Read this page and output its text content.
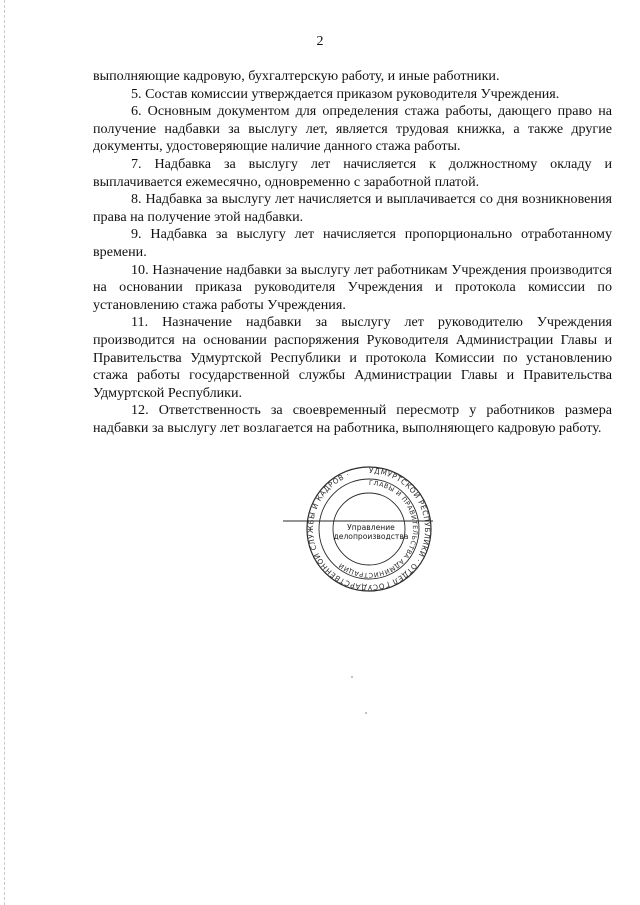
2

выполняющие кадровую, бухгалтерскую работу, и иные работники.

5. Состав комиссии утверждается приказом руководителя Учреждения.

6. Основным документом для определения стажа работы, дающего право на получение надбавки за выслугу лет, является трудовая книжка, а также другие документы, удостоверяющие наличие данного стажа работы.

7. Надбавка за выслугу лет начисляется к должностному окладу и выплачивается ежемесячно, одновременно с заработной платой.

8. Надбавка за выслугу лет начисляется и выплачивается со дня возникновения права на получение этой надбавки.

9. Надбавка за выслугу лет начисляется пропорционально отработанному времени.

10. Назначение надбавки за выслугу лет работникам Учреждения производится на основании приказа руководителя Учреждения и протокола комиссии по установлению стажа работы Учреждения.

11. Назначение надбавки за выслугу лет руководителю Учреждения производится на основании распоряжения Руководителя Администрации Главы и Правительства Удмуртской Республики и протокола Комиссии по установлению стажа работы государственной службы Администрации Главы и Правительства Удмуртской Республики.

12. Ответственность за своевременный пересмотр у работников размера надбавки за выслугу лет возлагается на работника, выполняющего кадровую работу.

УДМУРТСКОЙ РЕСПУБЛИКИ · ОТДЕЛ ГОСУДАРСТВЕННОЙ СЛУЖБЫ И КАДРОВ ·
ГЛАВЫ И ПРАВИТЕЛЬСТВА АДМИНИСТРАЦИИ
Управление
делопроизводства
